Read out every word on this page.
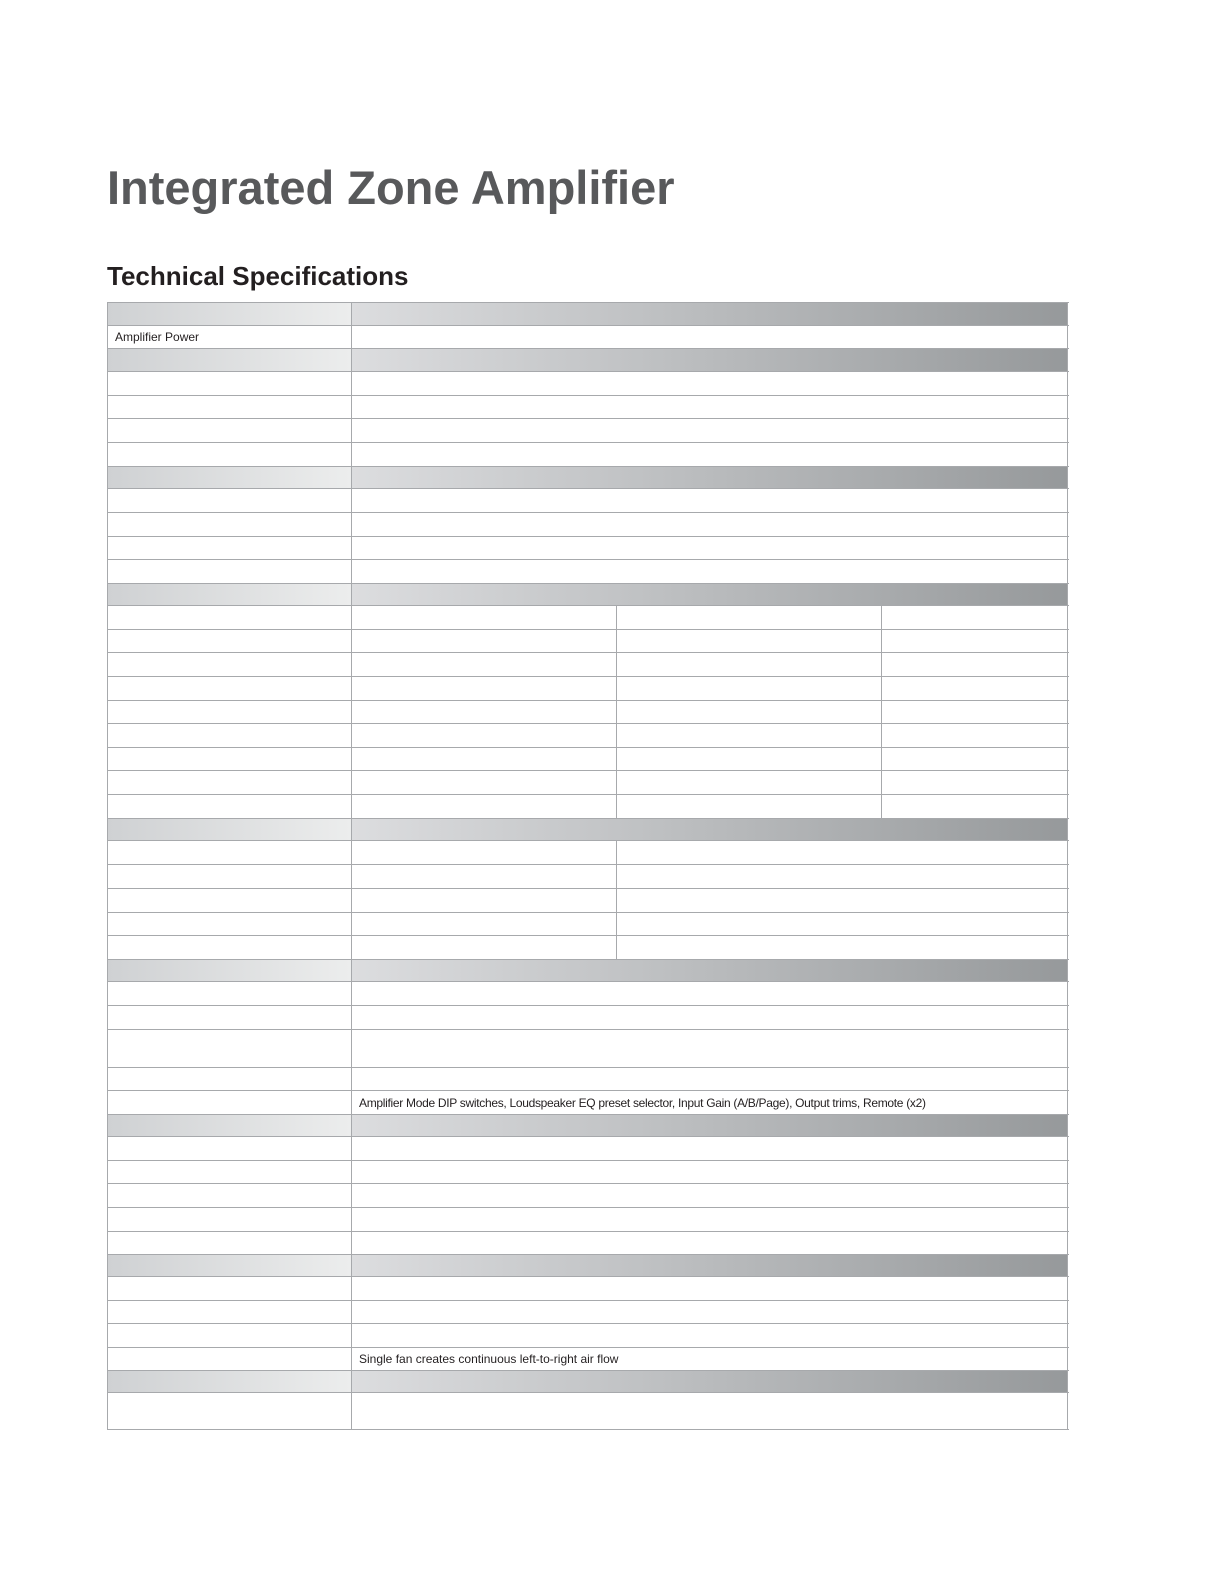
Integrated Zone Amplifier
Technical Specifications
Amplifier Power
Amplifier Mode DIP switches, Loudspeaker EQ preset selector, Input Gain (A/B/Page), Output trims, Remote (x2)
Single fan creates continuous left-to-right air flow
